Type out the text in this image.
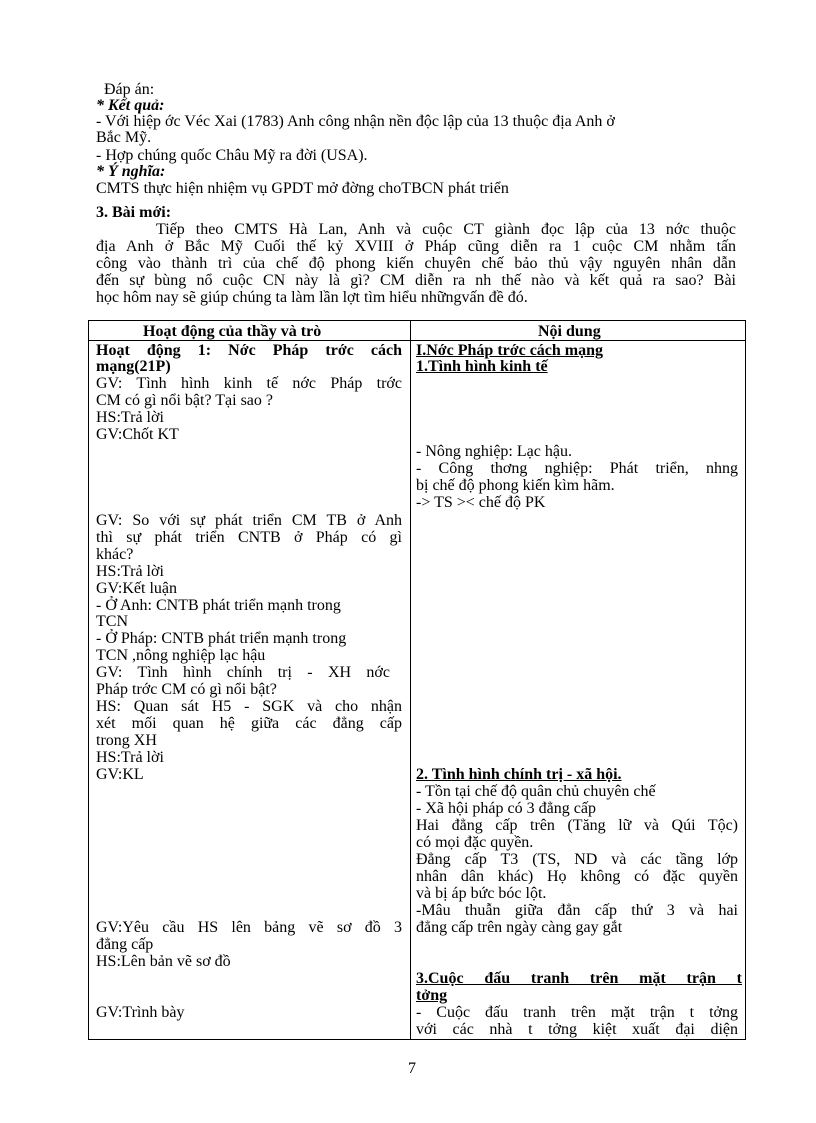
Đáp án:
* Kết quả:
- Với hiệp ớc Véc Xai (1783) Anh công nhận nền độc lập của 13 thuộc địa Anh ở
Bắc Mỹ.
- Hợp chúng quốc Châu Mỹ ra đời (USA).
* Ý nghĩa:
CMTS thực hiện nhiệm vụ GPDT mở đờng choTBCN phát triển
3. Bài mới:
Tiếp theo CMTS Hà Lan, Anh và cuộc CT giành đọc lập của 13 nớc thuộc
địa Anh ở Bắc Mỹ Cuối thế kỷ XVIII ở Pháp cũng diễn ra 1 cuộc CM nhằm tấn
công vào thành trì của chế độ phong kiến chuyên chế bảo thủ vậy nguyên nhân dẫn
đến sự bùng nổ cuộc CN này là gì? CM diễn ra nh thế nào và kết quả ra sao? Bài
học hôm nay sẽ giúp chúng ta làm lần lợt tìm hiểu nhữngvấn đề đó.
Hoạt động của thầy và trò	Nội dung
Hoạt động 1: Nớc Pháp trớc cách
mạng(21P)
GV: Tình hình kinh tế nớc Pháp trớc
CM có gì nổi bật? Tại sao ?
HS:Trả lời
GV:Chốt KT
GV: So với sự phát triển CM TB ở Anh
thì sự phát triển CNTB ở Pháp có gì
khác?
HS:Trả lời
GV:Kết luận
- Ở Anh: CNTB phát triển mạnh trong
TCN
- Ở Pháp: CNTB phát triển mạnh trong
TCN ,nông nghiệp lạc hậu
GV: Tình hình chính trị - XH nớc
Pháp trớc CM có gì nổi bật?
HS: Quan sát H5 - SGK và cho nhận
xét mối quan hệ giữa các đẳng cấp
trong XH
HS:Trả lời
GV:KL
GV:Yêu cầu HS lên bảng vẽ sơ đồ 3
đẳng cấp
HS:Lên bản vẽ sơ đồ
GV:Trình bày
I.Nớc Pháp trớc cách mạng
1.Tình hình kinh tế
- Nông nghiệp: Lạc hậu.
- Công thơng nghiệp: Phát triển, nhng
bị chế độ phong kiến kìm hãm.
-> TS >< chế độ PK
2. Tình hình chính trị - xã hội.
- Tồn tại chế độ quân chủ chuyên chế
- Xã hội pháp có 3 đẳng cấp
Hai đẳng cấp trên (Tăng lữ và Qúi Tộc)
có mọi đặc quyền.
Đẳng cấp T3 (TS, ND và các tầng lớp
nhân dân khác) Họ không có đặc quyền
và bị áp bức bóc lột.
-Mâu thuẫn giữa đẳn cấp thứ 3 và hai
đẳng cấp trên ngày càng gay gắt
3.Cuộc đấu tranh trên mặt trận t
tởng
- Cuộc đấu tranh trên mặt trận t tởng
với các nhà t tởng kiệt xuất đại diện
7
